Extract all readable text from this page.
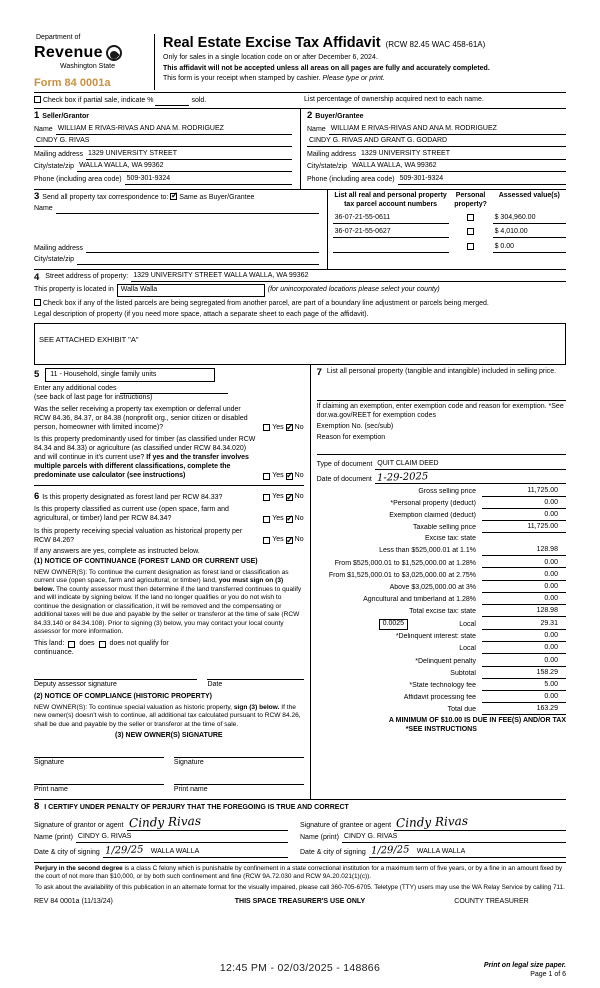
Department of
Revenue
Washington State
Form 84 0001a
Real Estate Excise Tax Affidavit (RCW 82.45 WAC 458-61A)
Only for sales in a single location code on or after December 6, 2024.
This affidavit will not be accepted unless all areas on all pages are fully and accurately completed.
This form is your receipt when stamped by cashier. Please type or print.
Check box if partial sale, indicate %	sold.	List percentage of ownership acquired next to each name.
1 Seller/Grantor
Name WILLIAM E RIVAS-RIVAS AND ANA M. RODRIGUEZ
CINDY G. RIVAS
Mailing address 1329 UNIVERSITY STREET
City/state/zip WALLA WALLA, WA 99362
Phone (including area code) 509-301-9324
2 Buyer/Grantee
Name WILLIAM E RIVAS-RIVAS AND ANA M. RODRIGUEZ
CINDY G. RIVAS AND GRANT G. GODARD
Mailing address 1329 UNIVERSITY STREET
City/state/zip WALLA WALLA, WA 99362
Phone (including area code) 509-301-9324
3 Send all property tax correspondence to: ✓ Same as Buyer/Grantee
Name
Mailing address
City/state/zip
List all real and personal property tax parcel account numbers
Personal property?
Assessed value(s)
36-07-21-55-0611	$ 304,960.00
36-07-21-55-0627	$ 4,010.00
$ 0.00
4 Street address of property: 1329 UNIVERSITY STREET WALLA WALLA, WA 99362
This property is located in Walla Walla	(for unincorporated locations please select your county)
Check box if any of the listed parcels are being segregated from another parcel, are part of a boundary line adjustment or parcels being merged.
Legal description of property (if you need more space, attach a separate sheet to each page of the affidavit).
SEE ATTACHED EXHIBIT "A"
5	11 - Household, single family units
Enter any additional codes
(see back of last page for instructions)
Was the seller receiving a property tax exemption or deferral under RCW 84.36, 84.37, or 84.38 (nonprofit org., senior citizen or disabled person, homeowner with limited income)?	Yes ✓ No
Is this property predominantly used for timber (as classified under RCW 84.34 and 84.33) or agriculture (as classified under RCW 84.34.020) and will continue in it's current use? If yes and the transfer involves multiple parcels with different classifications, complete the predominate use calculator (see instructions)	Yes ✓ No
6 Is this property designated as forest land per RCW 84.33?	Yes ✓ No
Is this property classified as current use (open space, farm and agricultural, or timber) land per RCW 84.34?	Yes ✓ No
Is this property receiving special valuation as historical property per RCW 84.26?	Yes ✓ No
If any answers are yes, complete as instructed below.
(1) NOTICE OF CONTINUANCE (FOREST LAND OR CURRENT USE)
NEW OWNER(S): To continue the current designation as forest land or classification as current use (open space, farm and agricultural, or timber) land, you must sign on (3) below. The county assessor must then determine if the land transferred continues to qualify and will indicate by signing below. If the land no longer qualifies or you do not wish to continue the designation or classification, it will be removed and the compensating or additional taxes will be due and payable by the seller or transferor at the time of sale (RCW 84.33.140 or 84.34.108). Prior to signing (3) below, you may contact your local county assessor for more information.
This land: does does not qualify for
continuance.
Deputy assessor signature	Date
(2) NOTICE OF COMPLIANCE (HISTORIC PROPERTY)
NEW OWNER(S): To continue special valuation as historic property, sign (3) below. If the new owner(s) doesn't wish to continue, all additional tax calculated pursuant to RCW 84.26, shall be due and payable by the seller or transferor at the time of sale.
(3) NEW OWNER(S) SIGNATURE
Signature	Signature
Print name	Print name
7 List all personal property (tangible and intangible) included in selling price.
If claiming an exemption, enter exemption code and reason for exemption. *See dor.wa.gov/REET for exemption codes
Exemption No. (sec/sub)
Reason for exemption
Type of document QUIT CLAIM DEED
Date of document 1-29-2025
Gross selling price	11,725.00
*Personal property (deduct)	0.00
Exemption claimed (deduct)	0.00
Taxable selling price	11,725.00
Excise tax: state
Less than $525,000.01 at 1.1%	128.98
From $525,000.01 to $1,525,000.00 at 1.28%	0.00
From $1,525,000.01 to $3,025,000.00 at 2.75%	0.00
Above $3,025,000.00 at 3%	0.00
Agricultural and timberland at 1.28%	0.00
Total excise tax: state	128.98
0.0025	Local	29.31
*Delinquent interest: state	0.00
Local	0.00
*Delinquent penalty	0.00
Subtotal	158.29
*State technology fee	5.00
Affidavit processing fee	0.00
Total due	163.29
A MINIMUM OF $10.00 IS DUE IN FEE(S) AND/OR TAX
*SEE INSTRUCTIONS
8 I CERTIFY UNDER PENALTY OF PERJURY THAT THE FOREGOING IS TRUE AND CORRECT
Signature of grantor or agent Cindy Rivas
Name (print) CINDY G. RIVAS
Date & city of signing 1/29/25	WALLA WALLA
Signature of grantee or agent Cindy Rivas
Name (print) CINDY G. RIVAS
Date & city of signing 1/29/25	WALLA WALLA
Perjury in the second degree is a class C felony which is punishable by confinement in a state correctional institution for a maximum term of five years, or by a fine in an amount fixed by the court of not more than $10,000, or by both such confinement and fine (RCW 9A.72.030 and RCW 9A.20.021(1)(c)).
To ask about the availability of this publication in an alternate format for the visually impaired, please call 360-705-6705. Teletype (TTY) users may use the WA Relay Service by calling 711.
REV 84 0001a (11/13/24)	THIS SPACE TREASURER'S USE ONLY	COUNTY TREASURER
12:45 PM - 02/03/2025 - 148866	Print on legal size paper.
Page 1 of 6
